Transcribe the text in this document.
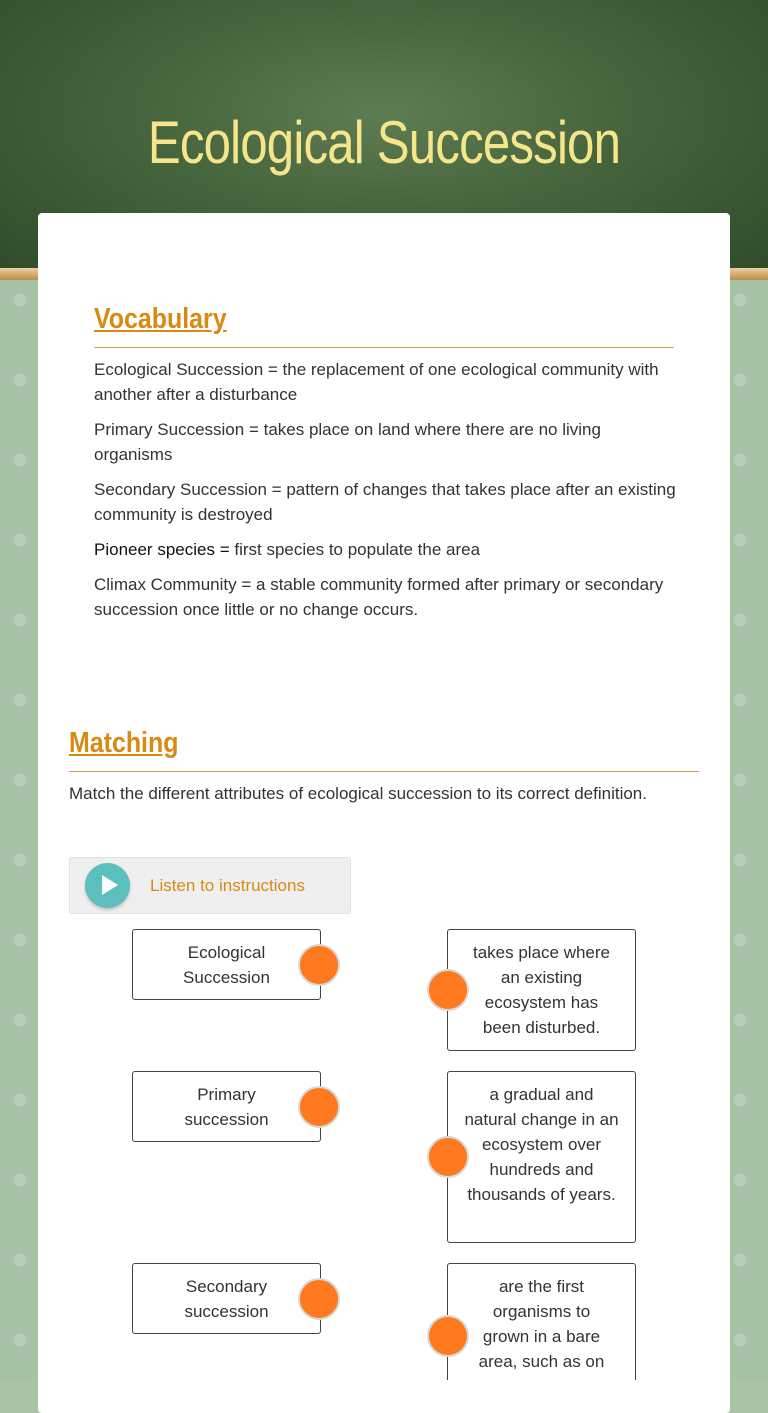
Ecological Succession
Vocabulary
Ecological Succession = the replacement of one ecological community with another after a disturbance
Primary Succession = takes place on land where there are no living organisms
Secondary Succession = pattern of changes that takes place after an existing community is destroyed
Pioneer species = first species to populate the area
Climax Community = a stable community formed after primary or secondary succession once little or no change occurs.
Matching
Match the different attributes of ecological succession to its correct definition.
Listen to instructions
Ecological Succession
Primary succession
Secondary succession
takes place where an existing ecosystem has been disturbed.
a gradual and natural change in an ecosystem over hundreds and thousands of years.
are the first organisms to grown in a bare area, such as on
